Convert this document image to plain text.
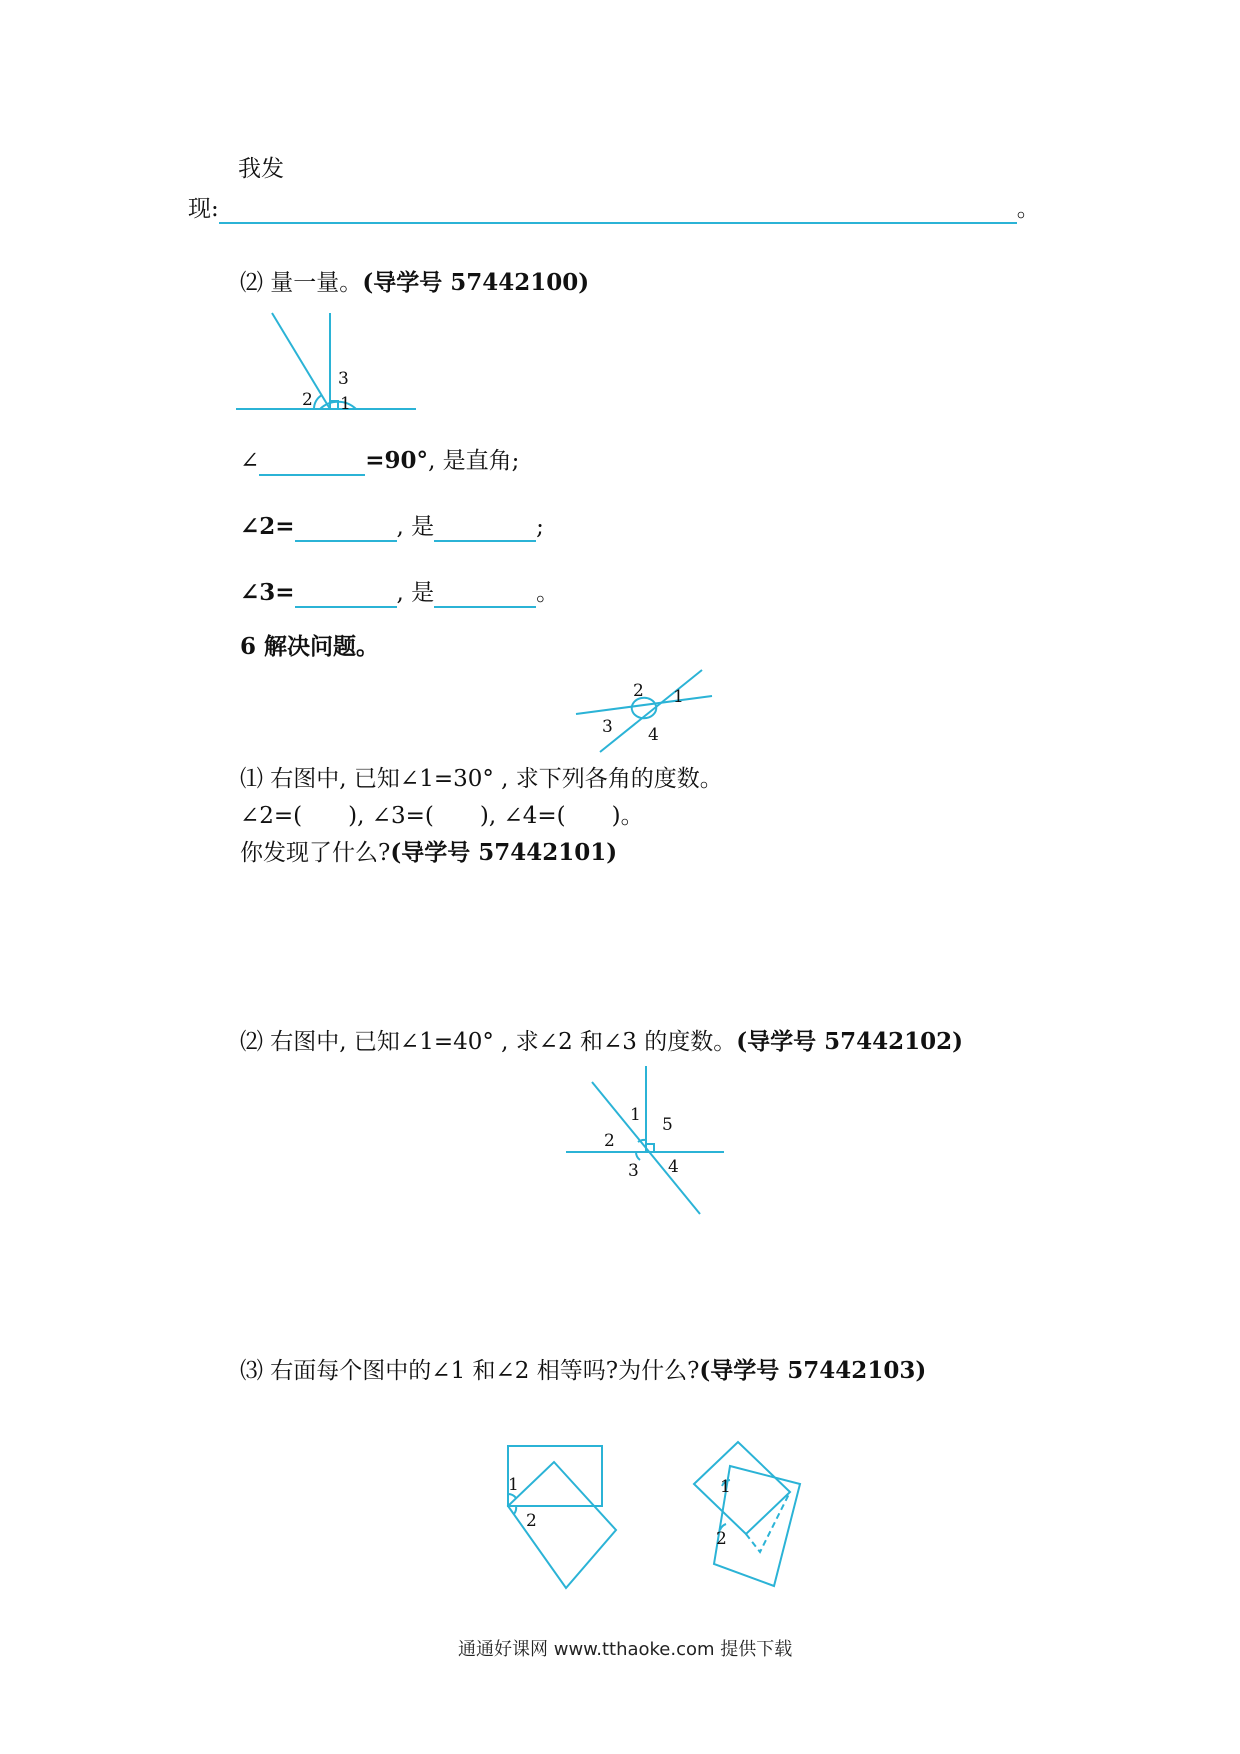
我发
现:	。
⑵ 量一量。(导学号 57442100)
3
2 1
∠	=90°, 是直角;
∠2=	, 是	;
∠3=	, 是	。
6 解决问题。
2 1
3 4
⑴ 右图中, 已知∠1=30° , 求下列各角的度数。
∠2=(　　), ∠3=(　　), ∠4=(　　)。
你发现了什么?(导学号 57442101)
⑵ 右图中, 已知∠1=40° , 求∠2 和∠3 的度数。(导学号 57442102)
1 5
2
3 4
⑶ 右面每个图中的∠1 和∠2 相等吗?为什么?(导学号 57442103)
1
2
1
2
通通好课网 www.tthaoke.com 提供下载
